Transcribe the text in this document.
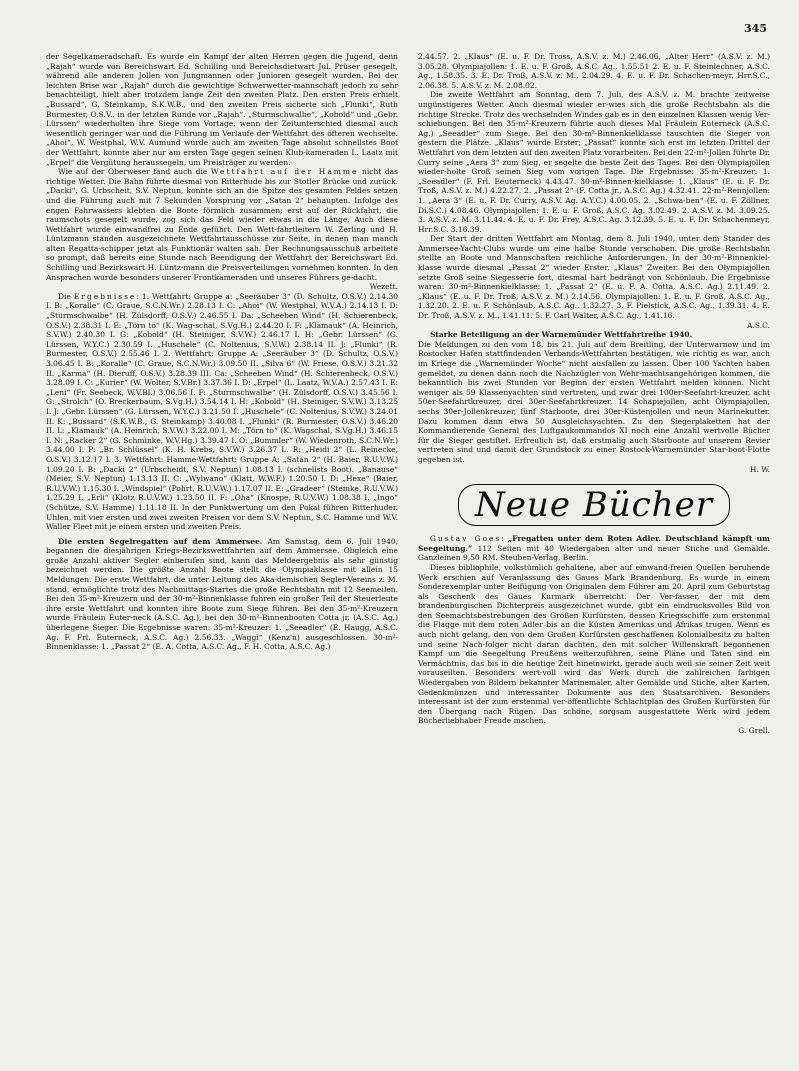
345

der Segelkameradschaft. Es wurde ein Kampf der alten Herren gegen die Jugend, denn „Rajah“ wurde von Bereichswart Ed. Schilling und Bereichsdietwart Jul. Prüser gesegelt, während alle anderen Jollen von Jungmannen oder Junioren gesegelt wurden. Bei der leichten Brise war „Rajah“ durch die gewichtige Schwerwetter-mannschaft jedoch zu sehr benachteiligt, hielt aber trotzdem lange Zeit den zweiten Platz. Den ersten Preis erhielt „Bussard“, G. Steinkamp, S.K.W.B., und den zweiten Preis sicherte sich „Flunki“, Ruth Burmester, O.S.V., in der letzten Runde vor „Rajah“. „Sturmschwalbe“, „Kobold“ und „Gebr. Lürssen“ wiederholten ihre Siege vom Vortage, wenn der Zeitunterschied diesmal auch wesentlich geringer war und die Führung im Verlaufe der Wettfahrt des öfteren wechselte. „Ahoi“, W. Westphal, W.V. Aumund wurde auch am zweiten Tage absolut schnellstes Boot der Wettfahrt, konnte aber nur am ersten Tage gegen seinen Klub-kameraden L. Laatz mit „Erpel“ die Vergütung heraussegeln, um Preisträger zu werden.

Wie auf der Oberweser fand auch die Wettfahrt auf der Hamme nicht das richtige Wetter. Die Bahn führte diesmal von Ritterhude bis zur Stotler Brücke und zurück. „Dacki“, G. Urbscheit, S.V. Neptun, konnte sich an die Spitze des gesamten Feldes setzen und die Führung auch mit 7 Sekunden Vorsprung vor „Satan 2“ behaupten. Infolge des engen Fahrwassers klebten die Boote förmlich zusammen; erst auf der Rückfahrt, die raumschots gesegelt wurde, zog sich das Feld wieder etwas in die Länge. Auch diese Wettfahrt wurde einwandfrei zu Ende geführt. Den Wett-fahrtleitern W. Zerling und H. Lüntzmann standen ausgezeichnete Wettfahrtausschüsse zur Seite, in denen man manch alten Regatta-schipper jetzt als Funktionär walten sah. Der Rechnungsausschuß arbeitete so prompt, daß bereits eine Stunde nach Beendigung der Wettfahrt der Bereichswart Ed. Schilling und Bezirkswart H. Lüntz-mann die Preisverteilungen vornehmen konnten. In den Ansprachen wurde besonders unserer Frontkameraden und unseres Führers ge-dacht.

Wezett.

Die Ergebnisse: 1. Wettfahrt: Gruppe a: „Seeräuber 3“ (D. Schultz, O.S.V.) 2.14.30 I. B: „Koralle“ (C. Graue, S.C.N.Wr.) 2.28.13 I. C: „Ahoi“ (W. Westphal, W.V.A.) 2.14.13 I. D: „Sturmschwalbe“ (H. Zülsdorff, O.S.V.) 2.46.55 I. Da: „Scheeben Wind“ (H. Schierenbeck, O.S.V.) 2.38.31 I. E: „Törn to“ (K. Wag-schal, S.Vg.H.) 2.44.20 I. F: „Klamauk“ (A. Heinrich, S.V.W.) 2.40.30 I. G: „Kobold“ (H. Steiniger, S.V.W.) 2.46.17 I. H: „Gebr. Lürssen“ (G. Lürssen, W.Y.C.) 2.30.59 I. „Huschele“ (C. Noltenius, S.V.W.) 2.38.14 II. J: „Flunki“ (R. Burmester, O.S.V.) 2.55.46 I. 2. Wettfahrt: Gruppe A: „Seeräuber 3“ (D. Schultz, O.S.V.) 3.06.45 I. B: „Koralle“ (C. Graue, S.C.N.Wr.) 3.09.50 II. „Silva 6“ (W. Friese, O.S.V.) 3.21.32 II. „Karma“ (H. Dieruff, O.S.V.) 3.28.39 III. Ca: „Scheeben Wind“ (H. Schierenbeck, O.S.V.) 3.28.09 I. C: „Kurier“ (W. Wolter, S.V.Br.) 3.37.36 I. D: „Erpel“ (L. Laatz, W.V.A.) 2.57.43 I. E: „Leni“ (Fr. Seebeck, W.V.Bl.) 3.06.56 I. F: „Sturmschwalbe“ (H. Zülsdorff, O.S.V.) 3.45.56 I. G: „Strolch“ (O. Breckerbaum, S.Vg.H.) 3.54.14 I. H: „Kobold“ (H. Steiniger, S.V.W.) 3.13.25 I. J: „Gebr. Lürssen“ (G. Lürssen, W.Y.C.) 3.21.50 I. „Huschele“ (C. Noltenius, S.V.W.) 3.24.01 II. K: „Bussard“ (S.K.W.B., G. Steinkamp) 3.40.08 I. „Flunki“ (R. Burmester, O.S.V.) 3.46.20 II. L: „Klamauk“ (A. Heinrich, S.V.W.) 3.22.00 I. M: „Törn to“ (K. Wagschal, S.Vg.H.) 3.46.15 I. N: „Racker 2“ (G. Schminke, W.V.Hg.) 3.39.47 I. O: „Bummler“ (W. Wiedenroth, S.C.N.Wr.) 3.44.00 I. P: „Br. Schlüssel“ (K. H. Krebs, S.V.W.) 3.26.37 L. R: „Heidi 2“ (L. Reinecke, O.S.V.) 3.12.17 I. 3. Wettfahrt: Hamme-Wettfahrt: Gruppe A: „Satan 2“ (H. Baier, R.U.V.W.) 1.09.20 I. B: „Dacki 2“ (Urbscheidt, S.V. Neptun) 1.08.13 I. (schnellsts Boot). „Banause“ (Meier, S.V. Neptun) 1.13.13 II. C: „Wylwano“ (Klatt, W.W.F.) 1.20.50 I. D: „Hexe“ (Baier, R.U.V.W.) 1.15.30 I. „Windspiel“ (Pohrt, R.U.V.W.) 1.17.07 II. E: „Gradeer“ (Stemke, R.U.V.W.) 1.25.29 I. „Erli“ (Klotz R.U.V.W.) 1.23.50 II. F: „Oha“ (Knospe, R.U.V.W.) 1.08.38 I. „Ingo“ (Schütze, S.V. Hamme) 1.11.18 II. In der Punktwertung um den Pokal führen Ritterhuder. Uhlen, mit vier ersten und zwei zweiten Preisen vor dem S.V. Neptun, S.C. Hamme und W.V. Waller Fleet mit je einem ersten und zweiten Preis.

Die ersten Segelregatten auf dem Ammersee. Am Samstag, dem 6. Juli 1940, begannen die diesjährigen Kriegs-Bezirkswettfahrten auf dem Ammersee. Obgleich eine große Anzahl aktiver Segler einberufen sind, kann das Meldeergebnis als sehr günstig bezeichnet werden. Die größte Anzahl Boote stellt die Olympiaklasse mit allein 15 Meldungen. Die erste Wettfahrt, die unter Leitung des Aka-demischen Segler-Vereins z. M. stand, ermöglichte trotz des Nachmittags-Startes die große Rechtsbahn mit 12 Seemeilen. Bei den 35-m²-Kreuzern und der 30-m²-Binnenklasse fuhren ein großer Teil der Steuerleute ihre erste Wettfahrt und konnten ihre Boote zum Siege führen. Bei den 35-m²-Kreuzern wurde Fräulein Euter-neck (A.S.C. Ag.), bei den 30-m²-Binnenbooten Cotta jr. (A.S.C. Ag.) überlegene Sieger. Die Ergebnisse waren: 35-m²-Kreuzer: 1. „Seeadler“ (E. Haugg, A.S.C. Ag. F. Frl. Euterneck, A.S.C. Ag.) 2.56.33. „Waggi“ (Kenz'n) ausgeschlossen. 30-m²-Binnenklasse: 1. „Passat 2“ (E. A. Cotta, A.S.C. Ag., F. H. Cotta, A.S.C. Ag.)

2.44.57. 2. „Klaus“ (E. u. F. Dr. Tross, A.S.V. z. M.) 2.46.06, „Alter Herr“ (A.S.V. z. M.) 3.05.28. Olympiajollen: 1. E. u. F. Groß, A.S.C. Ag., 1.55.51 2. E. u. F. Steinlechner, A.S.C. Ag., 1.58.35. 3. E. Dr. Troß, A.S.V. z. M., 2.04.29. 4. E. u. F. Dr. Schachen-meyr, Hrr.S.C., 2.06.38. 5. A.S.V. z. M. 2.08.02.

Die zweite Wettfahrt am Sonntag, dem 7. Juli, des A.S.V. z. M. brachte zeitweise ungünstigeres Wetter. Auch diesmal wieder er-wies sich die große Rechtsbahn als die richtige Strecke. Trotz des wechselnden Windes gab es in den einzelnen Klassen wenig Ver-schiebungen. Bei den 35-m²-Kreuzern führte auch dieses Mal Fräulein Euterneck (A.S.C. Ag.) „Seeadler“ zum Siege. Bei den 30-m²-Binnenkielklasse tauschten die Sieger von gestern die Plätze. „Klaus“ wurde Erster; „Passat“ konnte sich erst im letzten Drittel der Wettfahrt von dem letzten auf den zweiten Platz vorarbeiten. Bei den 22-m²-Jollen führte Dr. Curry seine „Aera 3“ zum Sieg, er segelte die beste Zeit des Tages. Bei den Olympiajollen wieder-holte Groß seinen Sieg vom vorigen Tage. Die Ergebnisse: 35-m²-Kreuzer: 1. „Seeadler“ (F. Frl. Eeuterneck) 4.43.47. 30-m²-Binnen-kielklasse: 1. „Klaus“ (E. u. F. Dr. Troß, A.S.V. z. M.) 4.22.27. 2. „Passat 2“ (F. Cotta jr., A.S.C. Ag.) 4.32.41. 22-m²-Rennjollen: 1. „Aera 3“ (E. u. F. Dr. Curry, A.S.V. Ag. A.Y.C.) 4.00.05. 2. „Schwa-ben“ (E. u. F. Zöllner, Di.S.C.) 4.08.46. Olympiajollen: 1. E. u. F. Groß, A.S.C. Ag. 3.02.49. 2. A.S.V. z. M. 3.09.25. 3. A.S.V. z. M. 3.11.44. 4. E. u. F. Dr. Frey, A.S.C. Ag. 3.12.39. 5. E. u. F. Dr. Schachenmeyr, Hrr.S.C. 3.16.39.

Der Start der dritten Wettfahrt am Montag, dem 8. Juli 1940, unter dem Stander des Ammersee-Yacht-Clubs wurde um eine halbe Stunde verschoben. Die große Rechtsbahn stellte an Boote und Mannschaften reichliche Anforderungen. In der 30-m²-Binnenkiel-klasse wurde diesmal „Passat 2“ wieder Erster, „Klaus“ Zweiter. Bei den Olympiajollen setzte Groß seine Siegesserie fort, diesmal hart bedrängt von Schönlaub. Die Ergebnisse waren: 30-m²-Binnenkielklasse: 1. „Passat 2“ (E. u. F. A. Cotta, A.S.C. Ag.) 2.11.49. 2. „Klaus“ (E. u. F. Dr. Troß, A.S.V. z. M.) 2.14.56. Olympiajollen: 1. E. u. F. Groß, A.S.C. Ag., 1.32.20. 2. E. u. F. Schönlaub, A.S.C. Ag., 1.32.27. 3. F. Pielstick, A.S.C. Ag., 1.39.31. 4. E. Dr. Troß, A.S.V. z. M., 1.41.11. 5. F. Carl Walter, A.S.C. Ag., 1.41.16.

A.S.C.

Starke Beteiligung an der Warnemünder Wettfahrtreihe 1940.

Die Meldungen zu den vom 18. bis 21. Juli auf dem Breitling, der Unterwarnow und im Rostocker Hafen stattfindenden Verbands-Wettfahrten bestätigen, wie richtig es war, auch im Kriege die „Warnemünder Woche“ nicht ausfallen zu lassen. Über 100 Yachten haben gemeldet, zu denen dann noch die Nachzügler von Wehr-machtsangehörigen kommen, die bekanntlich bis zwei Stunden vor Beginn der ersten Wettfahrt melden können. Nicht weniger als 59 Klassenyachten sind vertreten, und zwar drei 100er-Seefahrt-kreuzer, acht 50er-Seefahrtkreuzer, drei 30er-Seefahrtkreuzer, 14 Schapiejollen, acht Olympiajollen, sechs 30er-Jollenkreuzer, fünf Starboote, drei 30er-Küstenjollen und neun Marinekutter. Dazu kommen dann etwa 50 Ausgleichsyachten. Zu den Siegerplaketten hat der Kommandierende General des Luftgaukommandos XI noch eine Anzahl wertvolle Bücher für die Sieger gestiftet. Erfreulich ist, daß erstmalig auch Starboote auf unserem Revier vertreten sind und damit der Grundstock zu einer Rostock-Warnemünder Star-boot-Flotte gegeben ist.

H. W.

Neue Bücher

Gustav Goes: „Fregatten unter dem Roten Adler. Deutschland kämpft um Seegeltung.“ 112 Seiten mit 40 Wiedergaben alter und neuer Stiche und Gemälde. Ganzleinen 9,50 RM. Steuben-Verlag, Berlin.

Dieses bibliophile, volkstümlich gehaltene, aber auf einwand-freien Quellen beruhende Werk erschien auf Veranlassung des Gaues Mark Brandenburg. Es wurde in einem Sonderexemplar unter Beifügung von Originalen dem Führer am 20. April zum Geburtstag als Geschenk des Gaues Kurmark überreicht. Der Ver-fasser, der mit dem brandenburgischen Dichterpreis ausgezeichnet wurde, gibt ein eindrucksvolles Bild von den Seemachtsbestrebungen des Großen Kurfürsten, dessen Kriegsschiffe zum erstenmal die Flagge mit dem roten Adler bis an die Küsten Amerikas und Afrikas trugen. Wenn es auch nicht gelang, den von dem Großen Kurfürsten geschaffenen Kolonialbesitz zu halten und seine Nach-folger nicht daran dachten, den mit solcher Willenskraft begonnenen Kampf um die Seegeltung Preußens weiterzuführen, seine Pläne und Taten sind ein Vermächtnis, das bis in die heutige Zeit hineinwirkt, gerade auch weil sie seiner Zeit weit vorauseilten. Besonders wert-voll wird das Werk durch die zahlreichen farbigen Wiedergaben von Bildern bekannter Marinemaler, alter Gemälde und Stiche, alter Karten, Gedenkmünzen und interessanter Dokumente aus den Staatsarchiven. Besonders interessant ist der zum erstenmal ver-öffentlichte Schlachtplan des Großen Kurfürsten für den Übergang nach Rügen. Das schöne, sorgsam ausgestattete Werk wird jedem Bücherliebhaber Freude machen.

G. Grell.
